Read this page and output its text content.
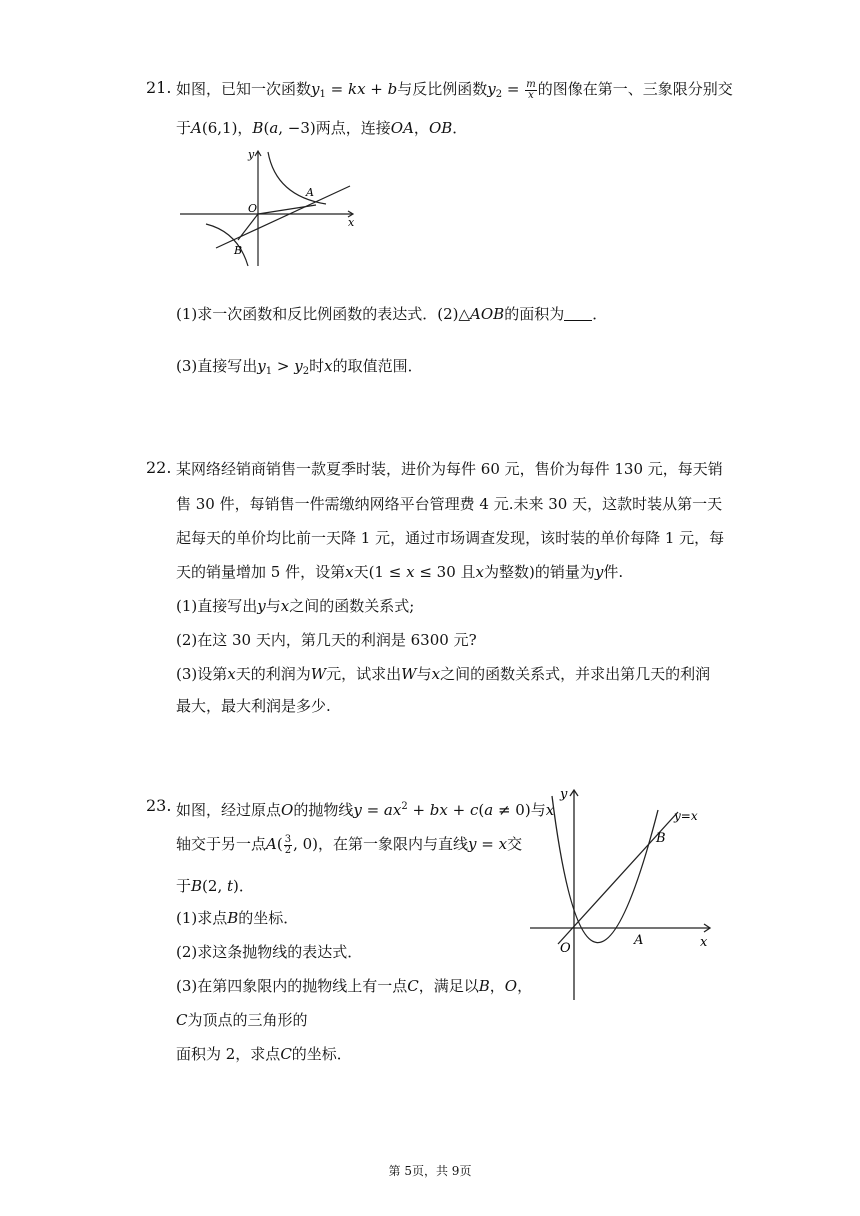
21. 如图，已知一次函数$y_1$ = kx + b与反比例函数$y_2 = \frac{m}{x}$ 的图像在第一、三象限分别交
于A(6,1)，B(a, −3)两点，连接OA，OB．
y
x
O
A
B
(1)求一次函数和反比例函数的表达式．(2)△AOB的面积为 ．
(3)直接写出$y_1 > y_2$时x的取值范围．
22. 某网络经销商销售一款夏季时装，进价为每件 60 元，售价为每件 130 元，每天销
售 30 件，每销售一件需缴纳网络平台管理费 4 元.未来 30 天，这款时装从第一天
起每天的单价均比前一天降 1 元，通过市场调查发现，该时装的单价每降 1 元，每
天的销量增加 5 件，设第x天(1 ≤ x ≤ 30 且x为整数)的销量为y件.
(1)直接写出y与x之间的函数关系式;
(2)在这 30 天内，第几天的利润是 6300 元?
(3)设第x天的利润为W元，试求出W与x之间的函数关系式，并求出第几天的利润
最大，最大利润是多少.
23. 如图，经过原点O的抛物线$y = ax^2$ + bx + c(a ≠ 0)与x
轴交于另一点$A( \frac{3}{2}$ , 0)，在第一象限内与直线y = x交
于B(2, t)．
(1)求点B的坐标．
(2)求这条抛物线的表达式．
(3)在第四象限内的抛物线上有一点C，满足以B，O，
C为顶点的三角形的
面积为 2，求点C的坐标．
y
x
O
A
B
y=x
第 5页，共 9页
